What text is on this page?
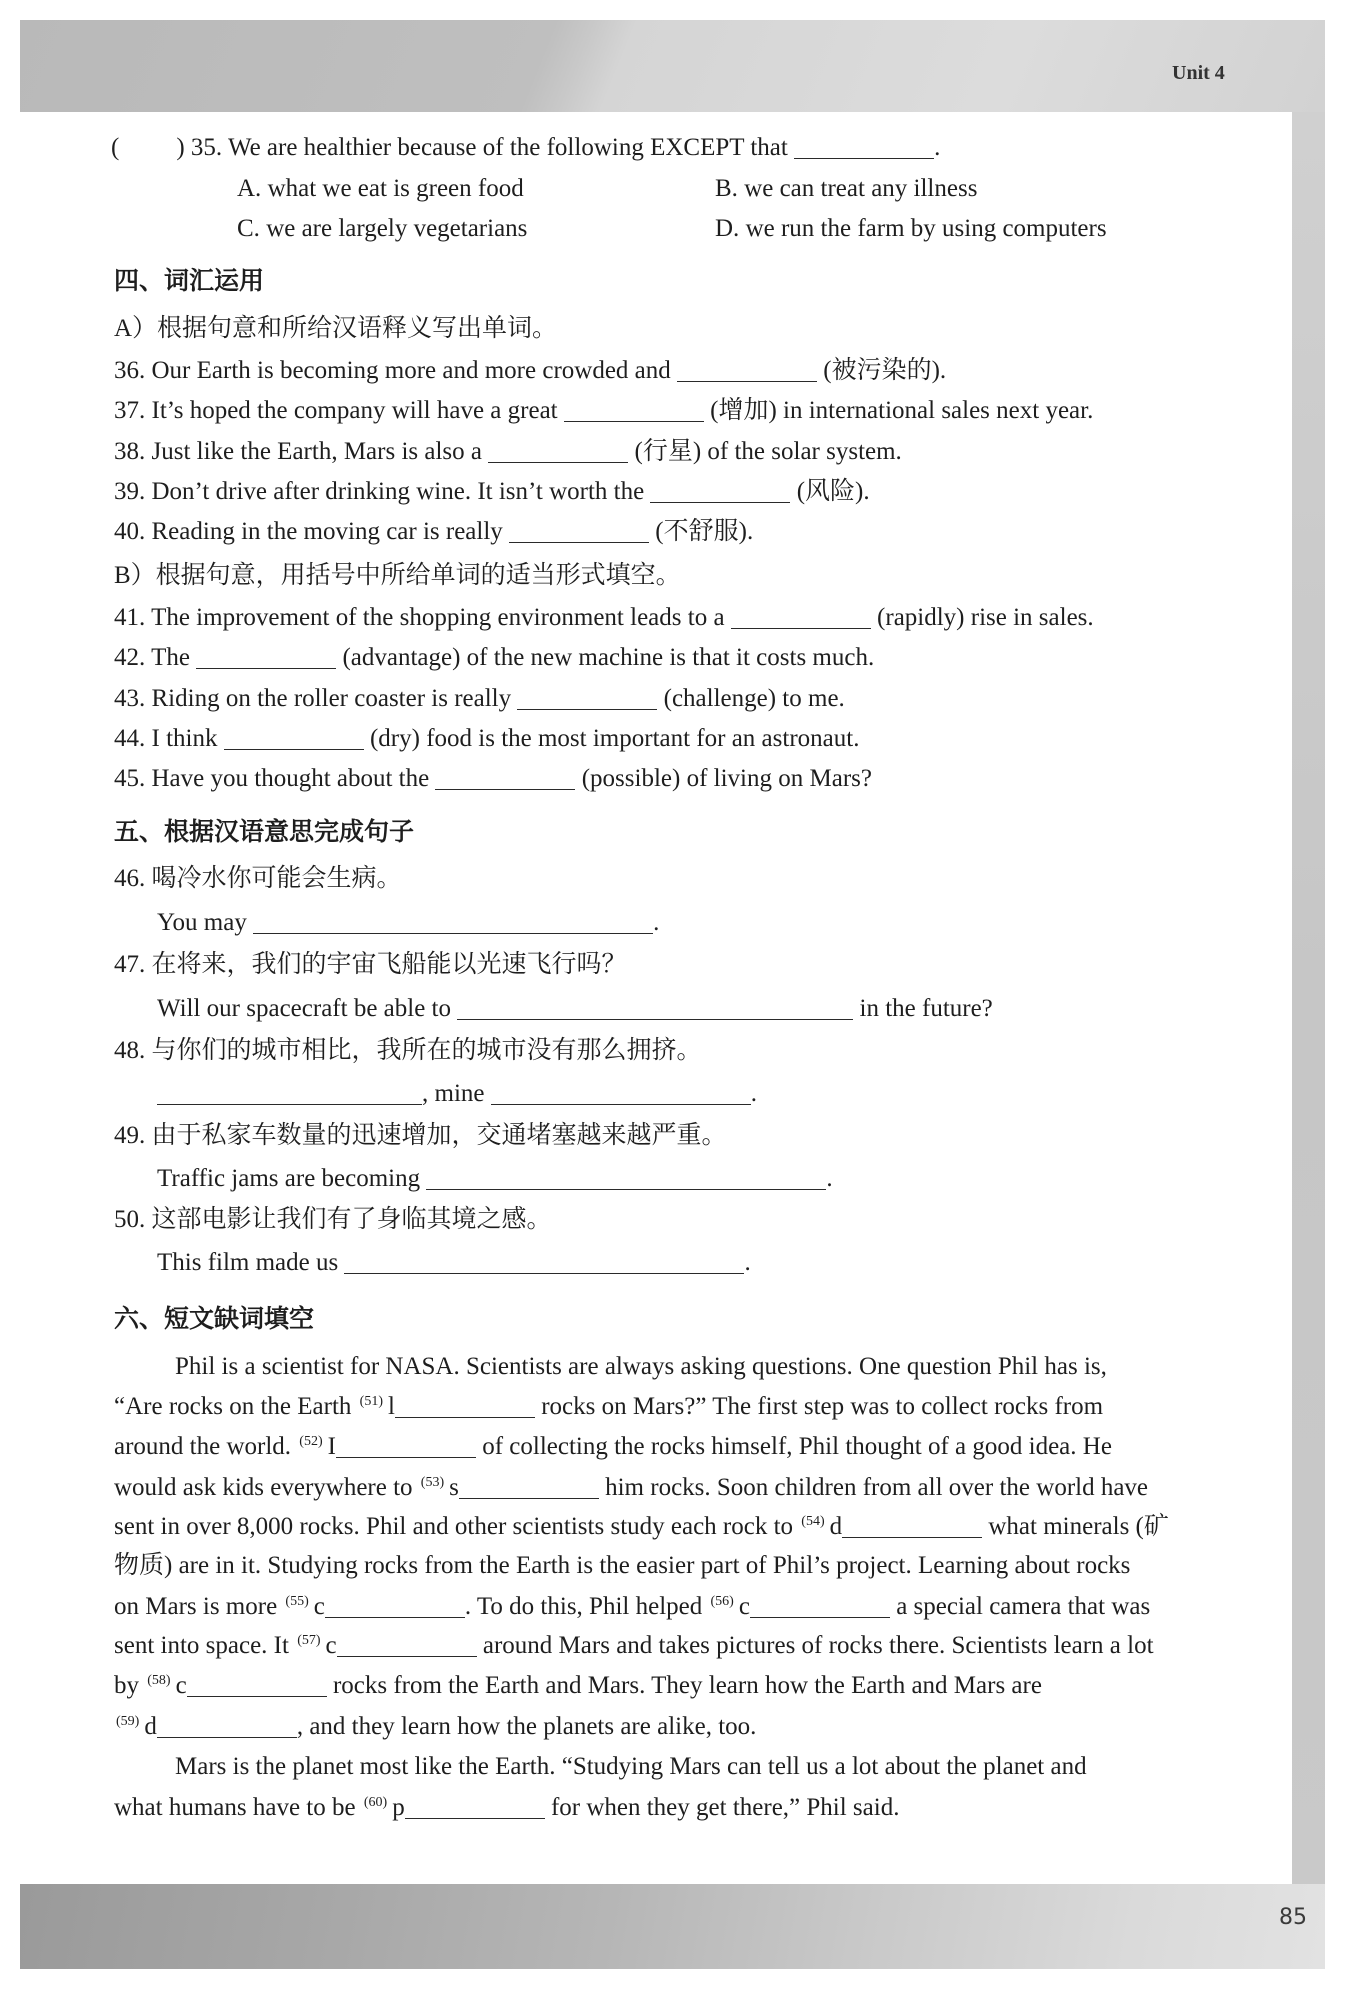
Unit 4
85
( ) 35. We are healthier because of the following EXCEPT that	.
A. what we eat is green food	B. we can treat any illness
C. we are largely vegetarians	D. we run the farm by using computers
四、词汇运用
A）根据句意和所给汉语释义写出单词。
36. Our Earth is becoming more and more crowded and	(被污染的).
37. It’s hoped the company will have a great	(增加) in international sales next year.
38. Just like the Earth, Mars is also a	(行星) of the solar system.
39. Don’t drive after drinking wine. It isn’t worth the	(风险).
40. Reading in the moving car is really	(不舒服).
B）根据句意，用括号中所给单词的适当形式填空。
41. The improvement of the shopping environment leads to a	(rapidly) rise in sales.
42. The	(advantage) of the new machine is that it costs much.
43. Riding on the roller coaster is really	(challenge) to me.
44. I think	(dry) food is the most important for an astronaut.
45. Have you thought about the	(possible) of living on Mars?
五、根据汉语意思完成句子
46. 喝冷水你可能会生病。
You may	.
47. 在将来，我们的宇宙飞船能以光速飞行吗？
Will our spacecraft be able to	in the future?
48. 与你们的城市相比，我所在的城市没有那么拥挤。
, mine	.
49. 由于私家车数量的迅速增加，交通堵塞越来越严重。
Traffic jams are becoming	.
50. 这部电影让我们有了身临其境之感。
This film made us	.
六、短文缺词填空
Phil is a scientist for NASA. Scientists are always asking questions. One question Phil has is,
“Are rocks on the Earth $^{(51)}$ l	rocks on Mars?” The first step was to collect rocks from
around the world. $^{(52)}$ I	of collecting the rocks himself, Phil thought of a good idea. He
would ask kids everywhere to $^{(53)}$ s	him rocks. Soon children from all over the world have
sent in over 8,000 rocks. Phil and other scientists study each rock to $^{(54)}$ d	what minerals (矿
物质) are in it. Studying rocks from the Earth is the easier part of Phil’s project. Learning about rocks
on Mars is more $^{(55)}$ c	. To do this, Phil helped $^{(56)}$ c	a special camera that was
sent into space. It $^{(57)}$ c	around Mars and takes pictures of rocks there. Scientists learn a lot
by $^{(58)}$ c	rocks from the Earth and Mars. They learn how the Earth and Mars are
$^{(59)}$ d	, and they learn how the planets are alike, too.
Mars is the planet most like the Earth. “Studying Mars can tell us a lot about the planet and
what humans have to be $^{(60)}$ p	for when they get there,” Phil said.
